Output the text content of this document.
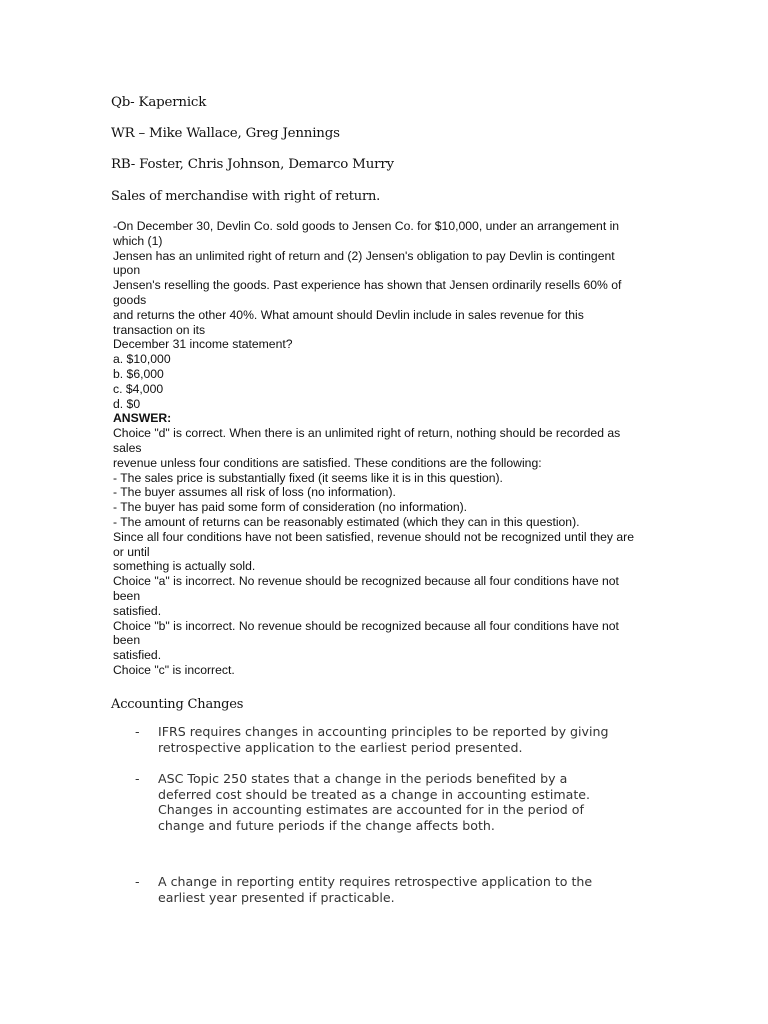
Qb- Kapernick
WR – Mike Wallace, Greg Jennings
RB- Foster, Chris Johnson, Demarco Murry
Sales of merchandise with right of return.
-On December 30, Devlin Co. sold goods to Jensen Co. for $10,000, under an arrangement in
which (1)
Jensen has an unlimited right of return and (2) Jensen's obligation to pay Devlin is contingent
upon
Jensen's reselling the goods. Past experience has shown that Jensen ordinarily resells 60% of
goods
and returns the other 40%. What amount should Devlin include in sales revenue for this
transaction on its
December 31 income statement?
a. $10,000
b. $6,000
c. $4,000
d. $0
ANSWER:
Choice "d" is correct. When there is an unlimited right of return, nothing should be recorded as
sales
revenue unless four conditions are satisfied. These conditions are the following:
- The sales price is substantially fixed (it seems like it is in this question).
- The buyer assumes all risk of loss (no information).
- The buyer has paid some form of consideration (no information).
- The amount of returns can be reasonably estimated (which they can in this question).
Since all four conditions have not been satisfied, revenue should not be recognized until they are
or until
something is actually sold.
Choice "a" is incorrect. No revenue should be recognized because all four conditions have not
been
satisfied.
Choice "b" is incorrect. No revenue should be recognized because all four conditions have not
been
satisfied.
Choice "c" is incorrect.
Accounting Changes
- IFRS requires changes in accounting principles to be reported by giving
retrospective application to the earliest period presented.
- ASC Topic 250 states that a change in the periods benefited by a
deferred cost should be treated as a change in accounting estimate.
Changes in accounting estimates are accounted for in the period of
change and future periods if the change affects both.
- A change in reporting entity requires retrospective application to the
earliest year presented if practicable.
